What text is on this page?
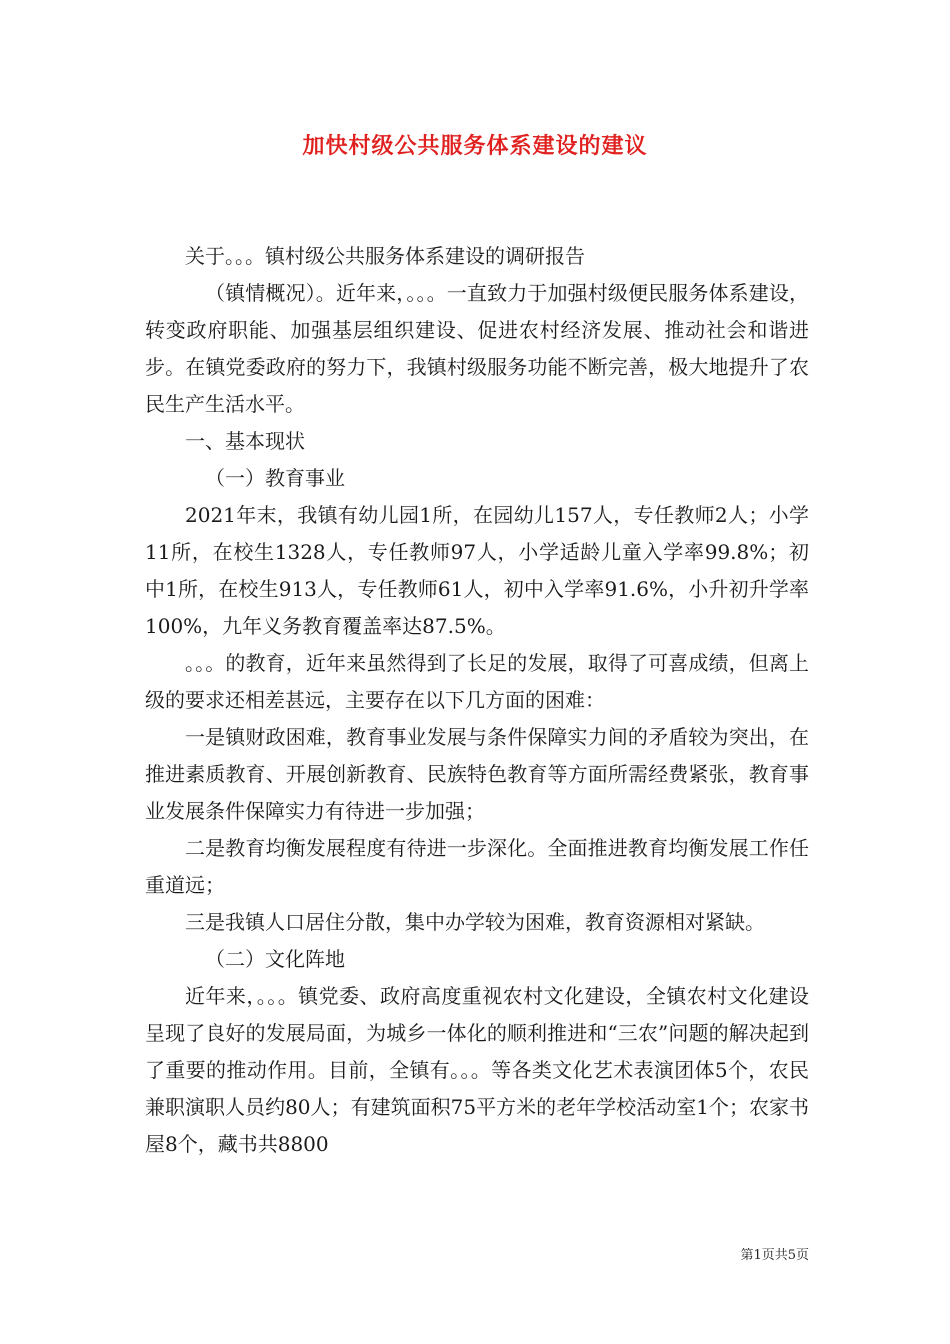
加快村级公共服务体系建设的建议

关于。。。镇村级公共服务体系建设的调研报告

（镇情概况）。近年来，。。。一直致力于加强村级便民服务体系建设，转变政府职能、加强基层组织建设、促进农村经济发展、推动社会和谐进步。在镇党委政府的努力下，我镇村级服务功能不断完善，极大地提升了农民生产生活水平。

一、基本现状

（一）教育事业

2021年末，我镇有幼儿园1所，在园幼儿157人，专任教师2人；小学11所，在校生1328人，专任教师97人，小学适龄儿童入学率99.8%；初中1所，在校生913人，专任教师61人，初中入学率91.6%，小升初升学率100%，九年义务教育覆盖率达87.5%。

。。。的教育，近年来虽然得到了长足的发展，取得了可喜成绩，但离上级的要求还相差甚远，主要存在以下几方面的困难：

一是镇财政困难，教育事业发展与条件保障实力间的矛盾较为突出，在推进素质教育、开展创新教育、民族特色教育等方面所需经费紧张，教育事业发展条件保障实力有待进一步加强；

二是教育均衡发展程度有待进一步深化。全面推进教育均衡发展工作任重道远；

三是我镇人口居住分散，集中办学较为困难，教育资源相对紧缺。

（二）文化阵地

近年来，。。。镇党委、政府高度重视农村文化建设，全镇农村文化建设呈现了良好的发展局面，为城乡一体化的顺利推进和“三农”问题的解决起到了重要的推动作用。目前，全镇有。。。等各类文化艺术表演团体5个，农民兼职演职人员约80人；有建筑面积75平方米的老年学校活动室1个；农家书屋8个，藏书共8800

第1页共5页
